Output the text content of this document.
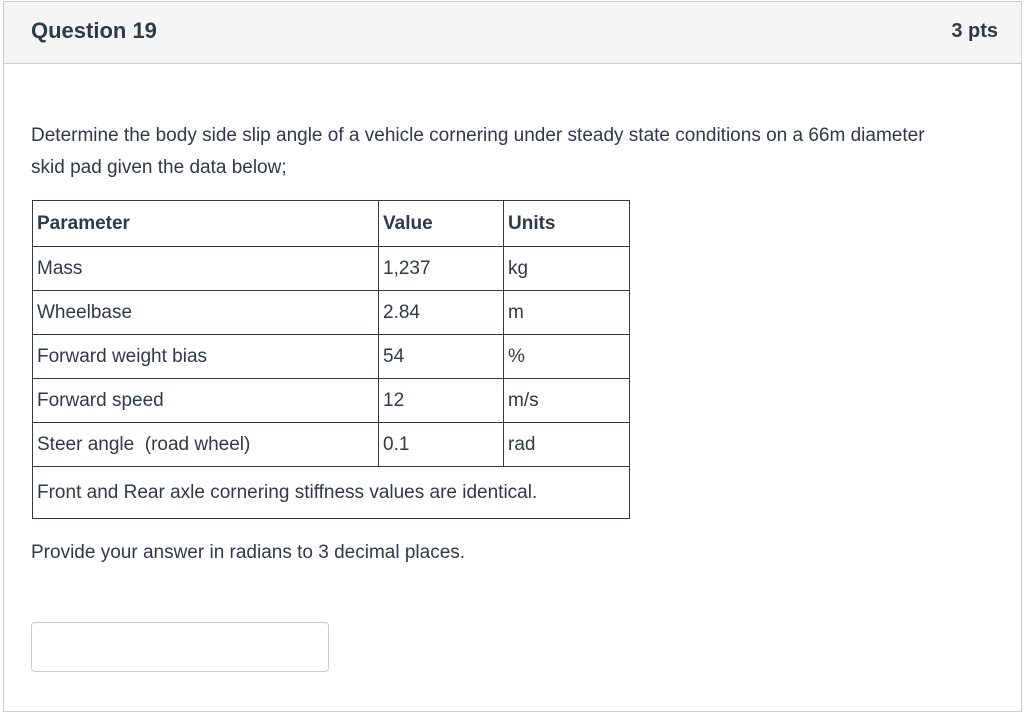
Question 19	3 pts

Determine the body side slip angle of a vehicle cornering under steady state conditions on a 66m diameter skid pad given the data below;

Parameter	Value	Units
Mass	1,237	kg
Wheelbase	2.84	m
Forward weight bias	54	%
Forward speed	12	m/s
Steer angle  (road wheel)	0.1	rad
Front and Rear axle cornering stiffness values are identical.		

Provide your answer in radians to 3 decimal places.
